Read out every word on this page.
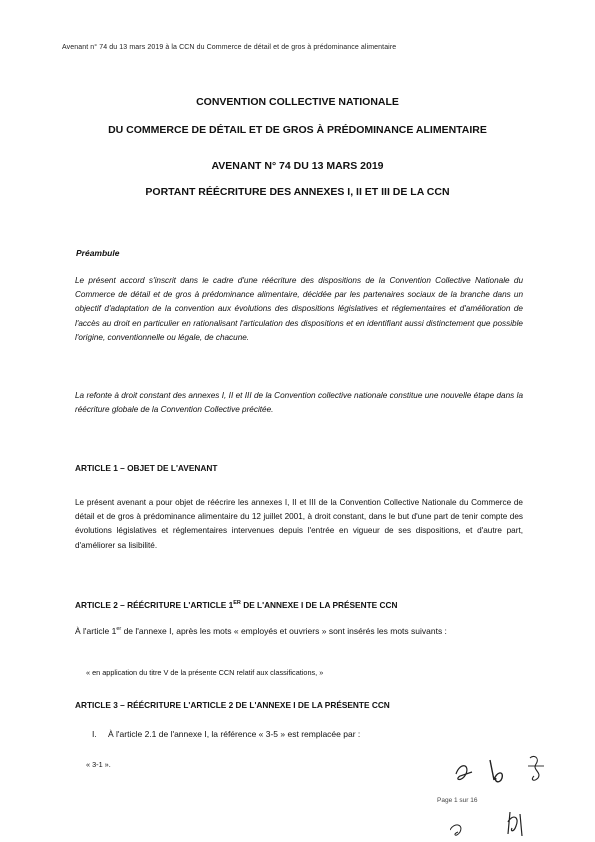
Avenant n° 74 du 13 mars 2019 à la CCN du Commerce de détail et de gros à prédominance alimentaire
CONVENTION COLLECTIVE NATIONALE
DU COMMERCE DE DÉTAIL ET DE GROS À PRÉDOMINANCE ALIMENTAIRE
AVENANT N° 74 DU 13 MARS 2019
PORTANT RÉÉCRITURE DES ANNEXES I, II ET III DE LA CCN
Préambule
Le présent accord s'inscrit dans le cadre d'une réécriture des dispositions de la Convention Collective Nationale du Commerce de détail et de gros à prédominance alimentaire, décidée par les partenaires sociaux de la branche dans un objectif d'adaptation de la convention aux évolutions des dispositions législatives et réglementaires et d'amélioration de l'accès au droit en particulier en rationalisant l'articulation des dispositions et en identifiant aussi distinctement que possible l'origine, conventionnelle ou légale, de chacune.
La refonte à droit constant des annexes I, II et III de la Convention collective nationale constitue une nouvelle étape dans la réécriture globale de la Convention Collective précitée.
ARTICLE 1 – OBJET DE L'AVENANT
Le présent avenant a pour objet de réécrire les annexes I, II et III de la Convention Collective Nationale du Commerce de détail et de gros à prédominance alimentaire du 12 juillet 2001, à droit constant, dans le but d'une part de tenir compte des évolutions législatives et réglementaires intervenues depuis l'entrée en vigueur de ses dispositions, et d'autre part, d'améliorer sa lisibilité.
ARTICLE 2 – RÉÉCRITURE L'ARTICLE 1ER DE L'ANNEXE I DE LA PRÉSENTE CCN
À l'article 1er de l'annexe I, après les mots « employés et ouvriers » sont insérés les mots suivants :
« en application du titre V de la présente CCN relatif aux classifications, »
ARTICLE 3 – RÉÉCRITURE L'ARTICLE 2 DE L'ANNEXE I DE LA PRÉSENTE CCN
I. À l'article 2.1 de l'annexe I, la référence « 3-5 » est remplacée par :
« 3-1 ».
Page 1 sur 16
